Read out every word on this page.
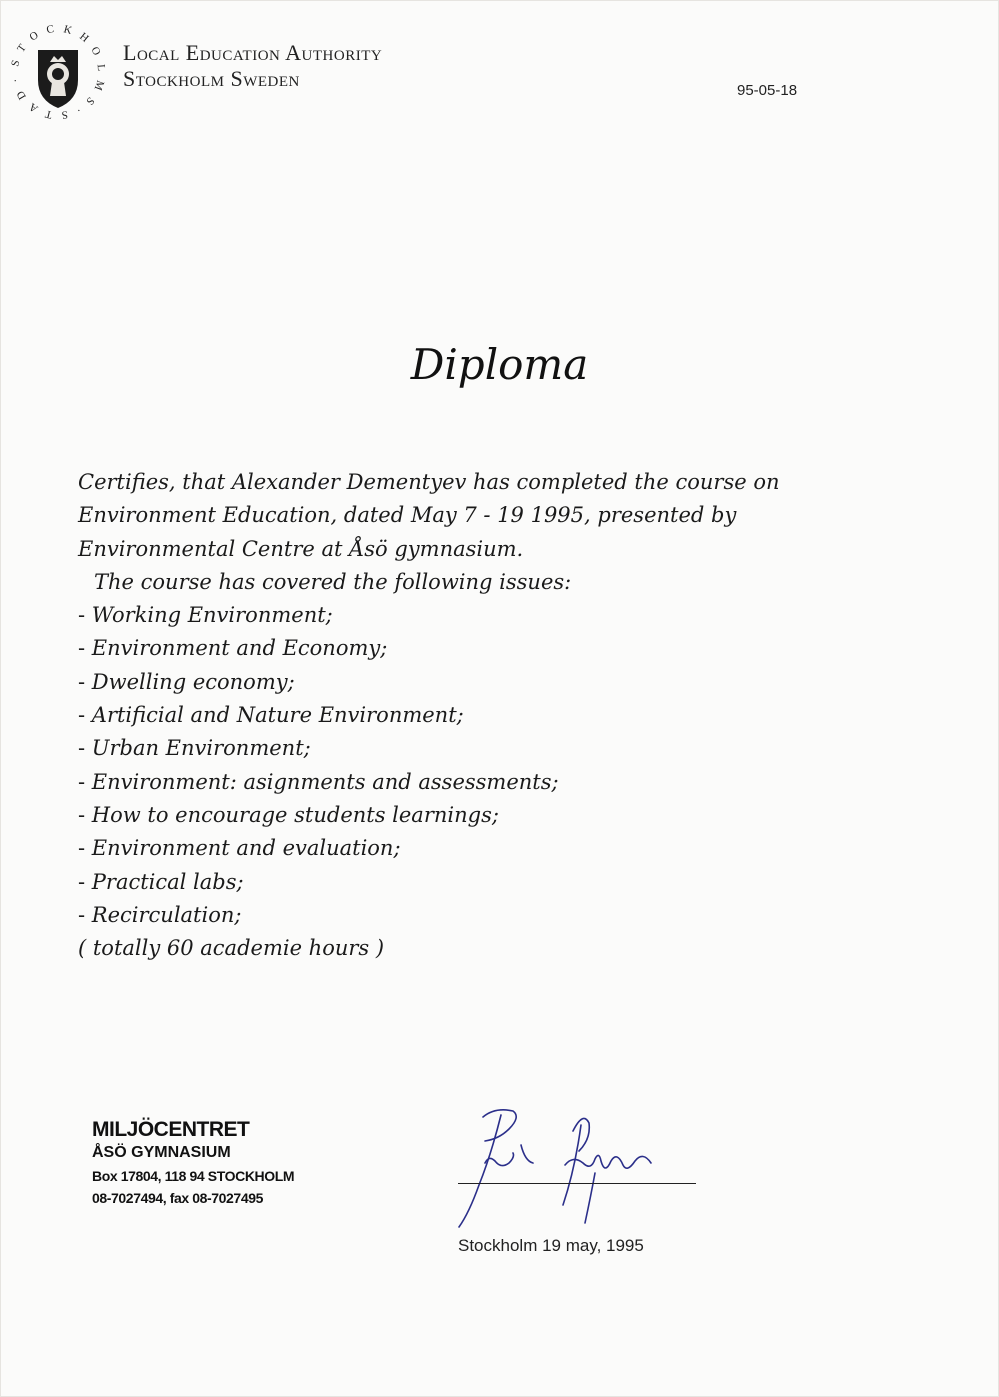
S T O C K H O L M S · S T A D ·
Local Education Authority
Stockholm Sweden	95-05-18
Diploma

Certifies, that Alexander Dementyev has completed the course on

Environment Education, dated May 7 - 19 1995, presented by

Environmental Centre at Åsö gymnasium.

The course has covered the following issues:

- Working Environment;
- Environment and Economy;
- Dwelling economy;
- Artificial and Nature Environment;
- Urban Environment;
- Environment: asignments and assessments;
- How to encourage students learnings;
- Environment and evaluation;
- Practical labs;
- Recirculation;

( totally 60 academie hours )

MILJÖCENTRET
ÅSÖ GYMNASIUM
Box 17804, 118 94 STOCKHOLM
08-7027494, fax 08-7027495
Stockholm 19 may, 1995
